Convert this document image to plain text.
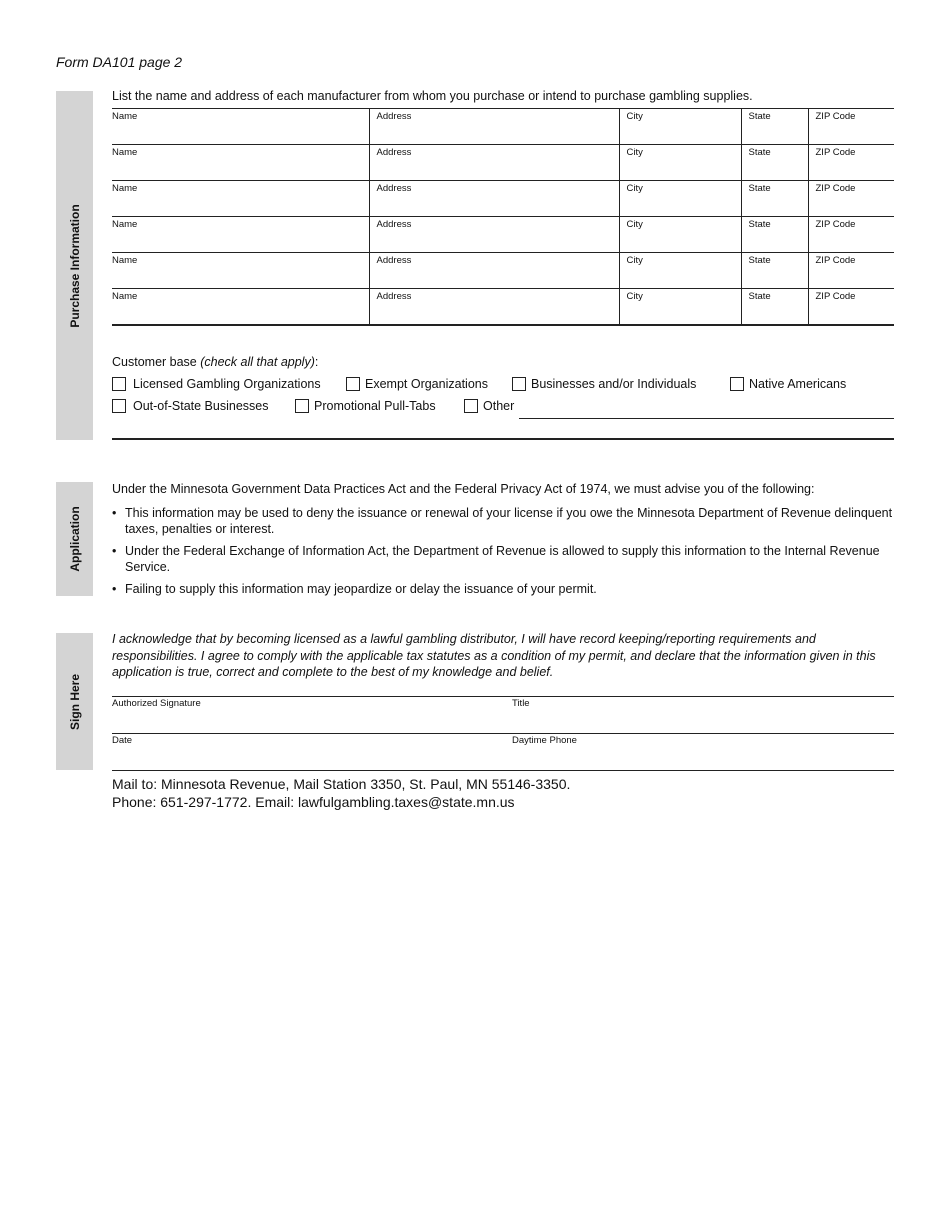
Form DA101 page 2
Purchase Information
List the name and address of each manufacturer from whom you purchase or intend to purchase gambling supplies.
Name	Address	City	State	ZIP Code
Name	Address	City	State	ZIP Code
Name	Address	City	State	ZIP Code
Name	Address	City	State	ZIP Code
Name	Address	City	State	ZIP Code
Name	Address	City	State	ZIP Code
Customer base (check all that apply):
Licensed Gambling Organizations	Exempt Organizations	Businesses and/or Individuals	Native Americans
Out-of-State Businesses	Promotional Pull-Tabs	Other
Application
Under the Minnesota Government Data Practices Act and the Federal Privacy Act of 1974, we must advise you of the following:
• This information may be used to deny the issuance or renewal of your license if you owe the Minnesota Department of Revenue delinquent taxes, penalties or interest.
• Under the Federal Exchange of Information Act, the Department of Revenue is allowed to supply this information to the Internal Revenue Service.
• Failing to supply this information may jeopardize or delay the issuance of your permit.
Sign Here
I acknowledge that by becoming licensed as a lawful gambling distributor, I will have record keeping/reporting requirements and responsibilities. I agree to comply with the applicable tax statutes as a condition of my permit, and declare that the information given in this application is true, correct and complete to the best of my knowledge and belief.
Authorized Signature	Title
Date	Daytime Phone
Mail to: Minnesota Revenue, Mail Station 3350, St. Paul, MN 55146-3350.
Phone: 651-297-1772. Email: lawfulgambling.taxes@state.mn.us
